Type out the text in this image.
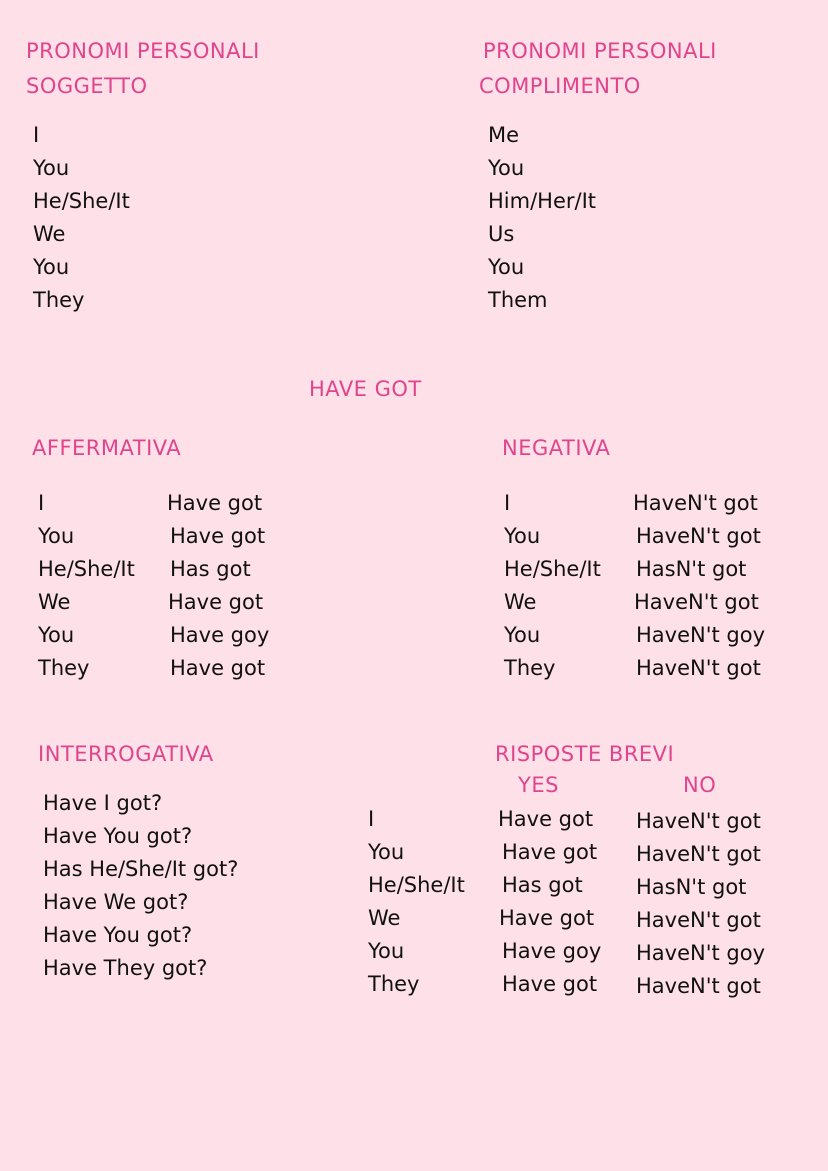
PRONOMI PERSONALI
SOGGETTO
I
You
He/She/It
We
You
They
PRONOMI PERSONALI
COMPLIMENTO
Me
You
Him/Her/It
Us
You
Them
HAVE GOT
AFFERMATIVA
I
You
He/She/It
We
You
They
Have got
Have got
Has got
Have got
Have goy
Have got
NEGATIVA
I
You
He/She/It
We
You
They
HaveN't got
HaveN't got
HasN't got
HaveN't got
HaveN't goy
HaveN't got
INTERROGATIVA
Have I got?
Have You got?
Has He/She/It got?
Have We got?
Have You got?
Have They got?
RISPOSTE BREVI
YES	NO
I
You
He/She/It
We
You
They
Have got
Have got
Has got
Have got
Have goy
Have got
HaveN't got
HaveN't got
HasN't got
HaveN't got
HaveN't goy
HaveN't got
